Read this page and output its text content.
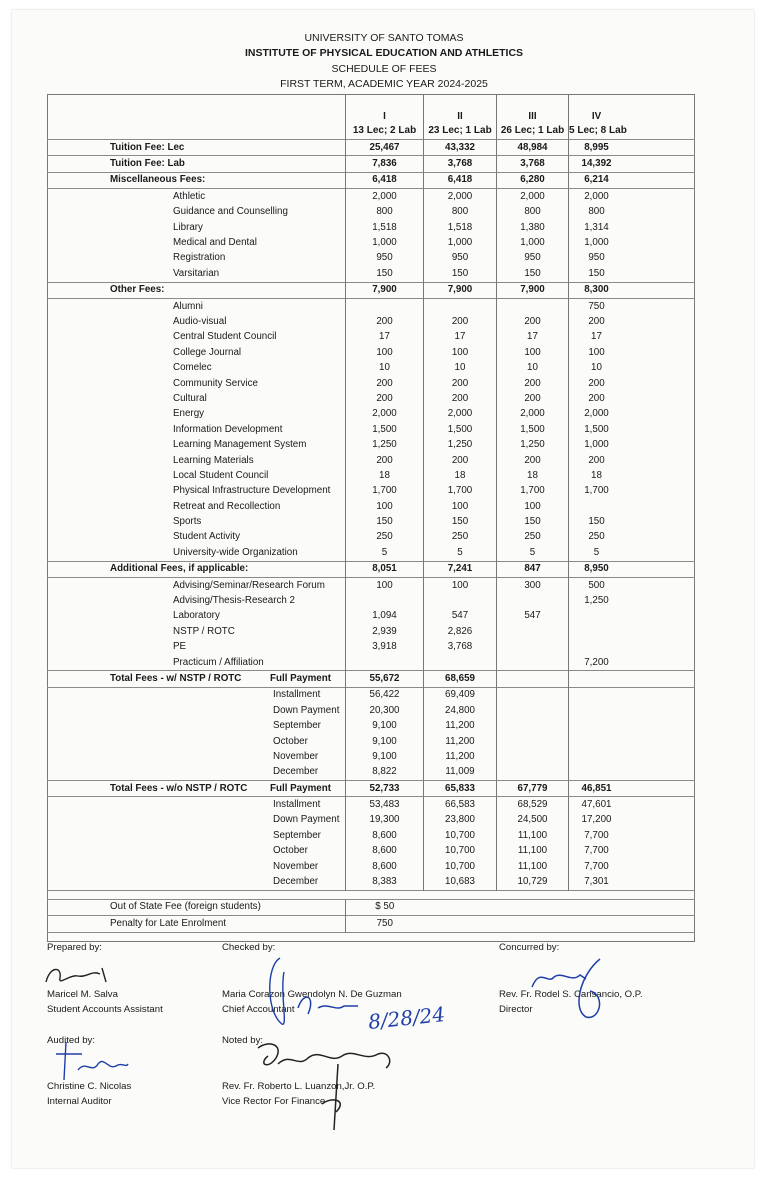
UNIVERSITY OF SANTO TOMAS
INSTITUTE OF PHYSICAL EDUCATION AND ATHLETICS
SCHEDULE OF FEES
FIRST TERM, ACADEMIC YEAR 2024-2025
	I	II	III	IV
	13 Lec; 2 Lab	23 Lec; 1 Lab	26 Lec; 1 Lab	5 Lec; 8 Lab
Tuition Fee: Lec	25,467	43,332	48,984	8,995
Tuition Fee: Lab	7,836	3,768	3,768	14,392
Miscellaneous Fees:	6,418	6,418	6,280	6,214
Athletic	2,000	2,000	2,000	2,000
Guidance and Counselling	800	800	800	800
Library	1,518	1,518	1,380	1,314
Medical and Dental	1,000	1,000	1,000	1,000
Registration	950	950	950	950
Varsitarian	150	150	150	150
Other Fees:	7,900	7,900	7,900	8,300
Alumni				750
Audio-visual	200	200	200	200
Central Student Council	17	17	17	17
College Journal	100	100	100	100
Comelec	10	10	10	10
Community Service	200	200	200	200
Cultural	200	200	200	200
Energy	2,000	2,000	2,000	2,000
Information Development	1,500	1,500	1,500	1,500
Learning Management System	1,250	1,250	1,250	1,000
Learning Materials	200	200	200	200
Local Student Council	18	18	18	18
Physical Infrastructure Development	1,700	1,700	1,700	1,700
Retreat and Recollection	100	100	100	
Sports	150	150	150	150
Student Activity	250	250	250	250
University-wide Organization	5	5	5	5
Additional Fees, if applicable:	8,051	7,241	847	8,950
Advising/Seminar/Research Forum	100	100	300	500
Advising/Thesis-Research 2				1,250
Laboratory	1,094	547	547	
NSTP / ROTC	2,939	2,826		
PE	3,918	3,768		
Practicum / Affiliation				7,200
Total Fees - w/ NSTP / ROTC Full Payment	55,672	68,659		
Installment	56,422	69,409		
Down Payment	20,300	24,800		
September	9,100	11,200		
October	9,100	11,200		
November	9,100	11,200		
December	8,822	11,009		
Total Fees - w/o NSTP / ROTC Full Payment	52,733	65,833	67,779	46,851
Installment	53,483	66,583	68,529	47,601
Down Payment	19,300	23,800	24,500	17,200
September	8,600	10,700	11,100	7,700
October	8,600	10,700	11,100	7,700
November	8,600	10,700	11,100	7,700
December	8,383	10,683	10,729	7,301

Out of State Fee (foreign students)	$ 50			
Penalty for Late Enrolment	750			

Prepared by:	Checked by:	Concurred by:
Maricel M. Salva
Student Accounts Assistant
Maria Corazon Gwendolyn N. De Guzman
Chief Accountant
Rev. Fr. Rodel S. Cansancio, O.P.
Director
Audited by:	Noted by:
Christine C. Nicolas
Internal Auditor
Rev. Fr. Roberto L. Luanzon,Jr. O.P.
Vice Rector For Finance
8/28/24
